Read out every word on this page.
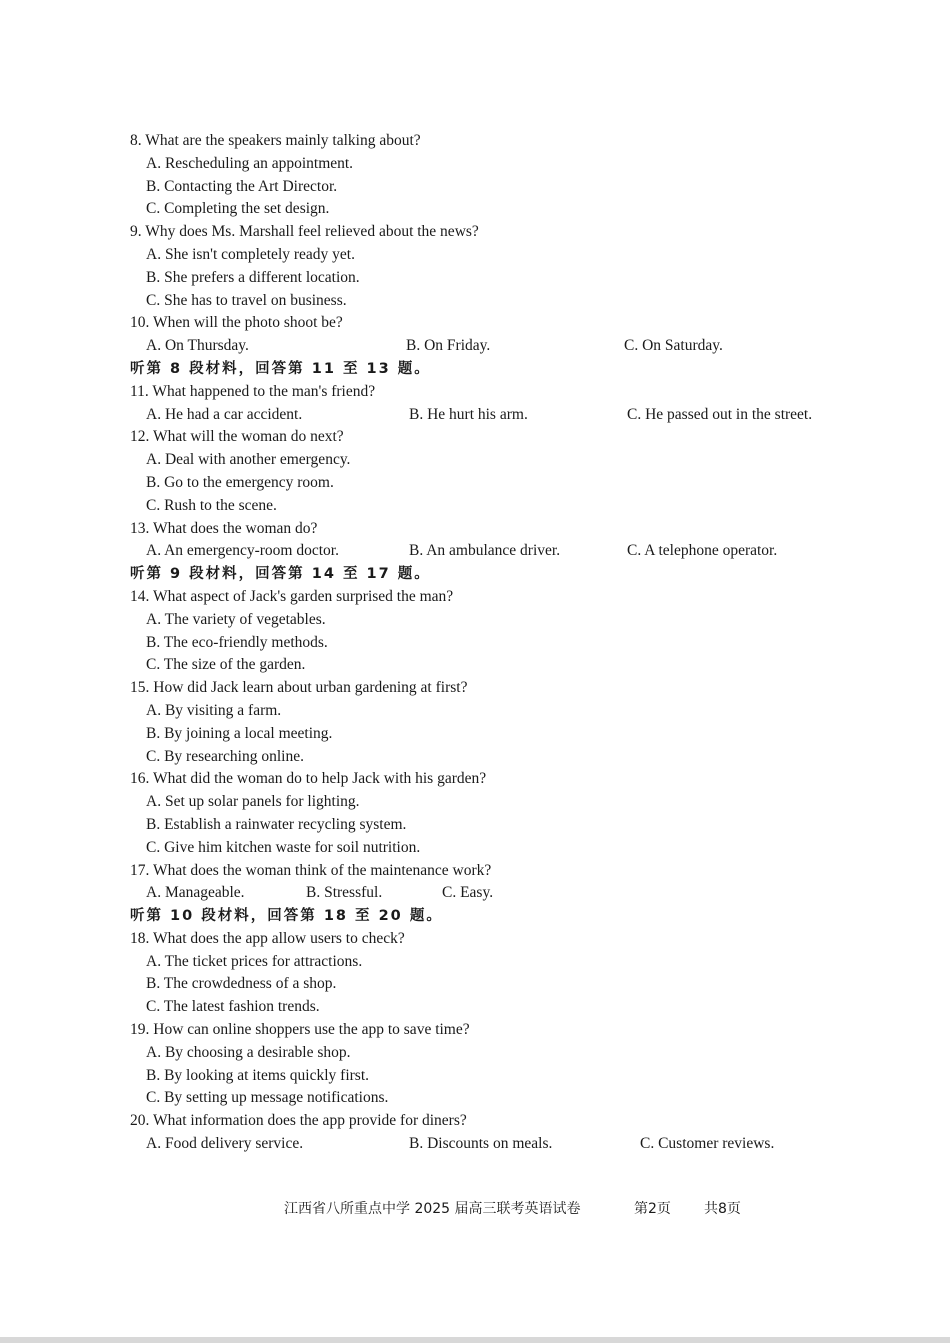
8. What are the speakers mainly talking about?
A. Rescheduling an appointment.
B. Contacting the Art Director.
C. Completing the set design.
9. Why does Ms. Marshall feel relieved about the news?
A. She isn't completely ready yet.
B. She prefers a different location.
C. She has to travel on business.
10. When will the photo shoot be?
A. On Thursday.	B. On Friday.	C. On Saturday.
听第 8 段材料，回答第 11 至 13 题。
11. What happened to the man's friend?
A. He had a car accident.	B. He hurt his arm.	C. He passed out in the street.
12. What will the woman do next?
A. Deal with another emergency.
B. Go to the emergency room.
C. Rush to the scene.
13. What does the woman do?
A. An emergency-room doctor.	B. An ambulance driver.	C. A telephone operator.
听第 9 段材料，回答第 14 至 17 题。
14. What aspect of Jack's garden surprised the man?
A. The variety of vegetables.
B. The eco-friendly methods.
C. The size of the garden.
15. How did Jack learn about urban gardening at first?
A. By visiting a farm.
B. By joining a local meeting.
C. By researching online.
16. What did the woman do to help Jack with his garden?
A. Set up solar panels for lighting.
B. Establish a rainwater recycling system.
C. Give him kitchen waste for soil nutrition.
17. What does the woman think of the maintenance work?
A. Manageable.	B. Stressful.	C. Easy.
听第 10 段材料，回答第 18 至 20 题。
18. What does the app allow users to check?
A. The ticket prices for attractions.
B. The crowdedness of a shop.
C. The latest fashion trends.
19. How can online shoppers use the app to save time?
A. By choosing a desirable shop.
B. By looking at items quickly first.
C. By setting up message notifications.
20. What information does the app provide for diners?
A. Food delivery service.	B. Discounts on meals.	C. Customer reviews.
江西省八所重点中学 2025 届高三联考英语试卷	第2页 共8页
